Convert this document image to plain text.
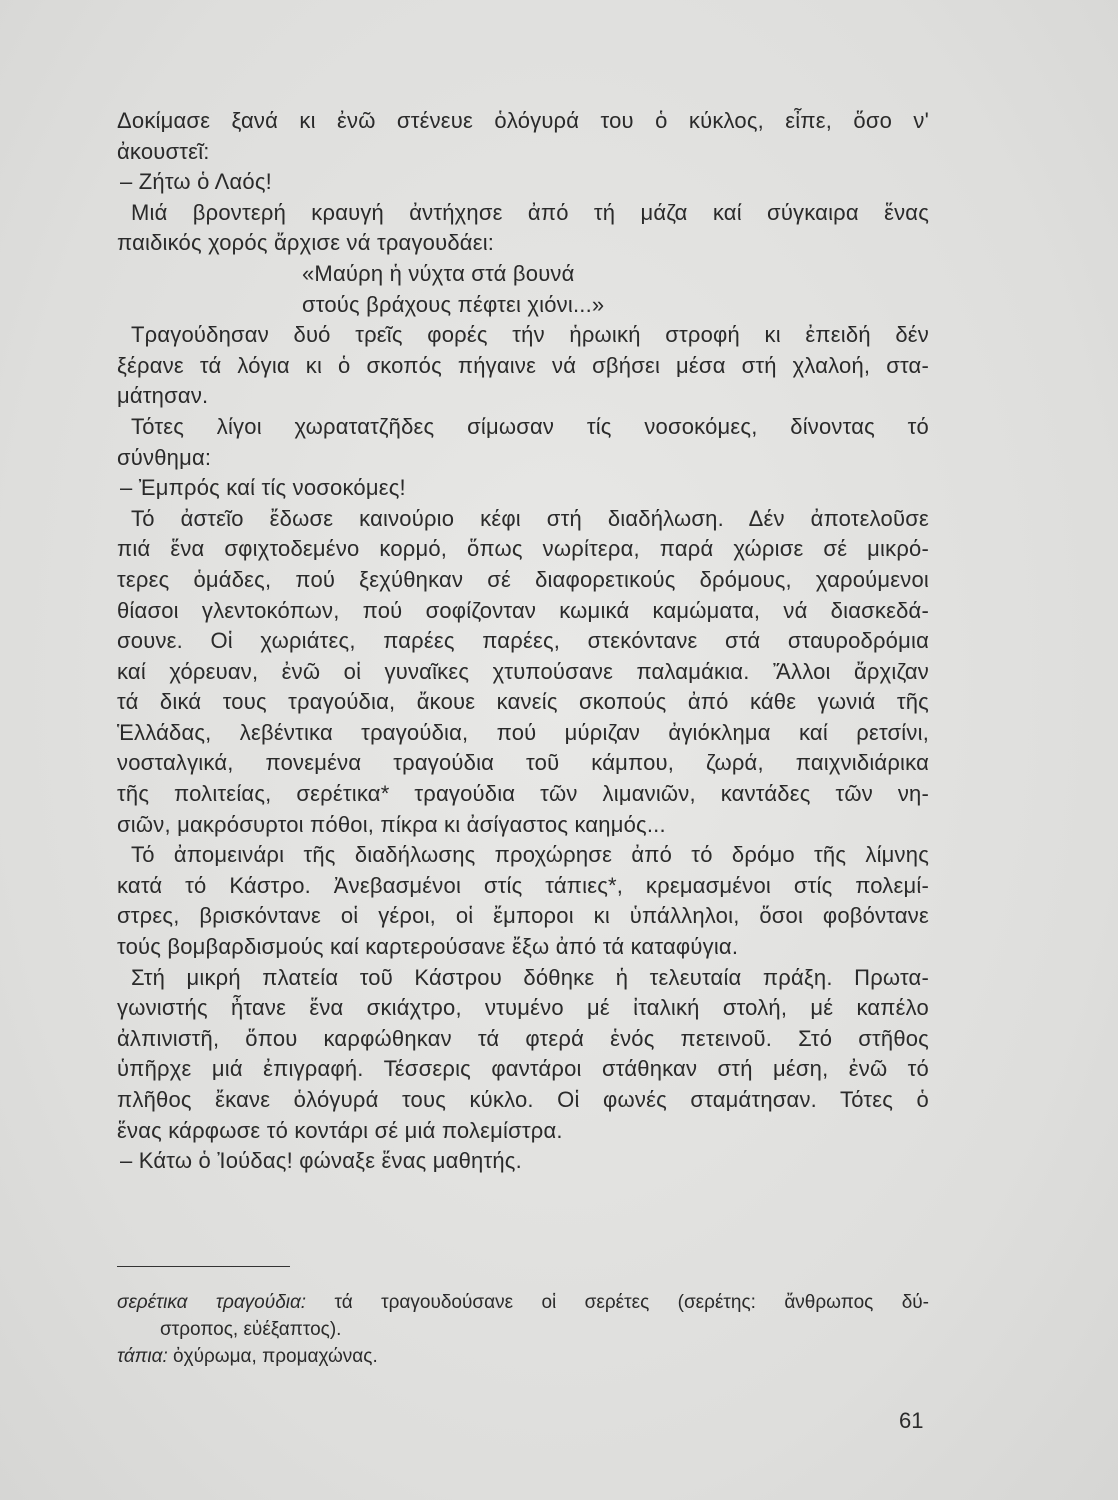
Δοκίμασε ξανά κι ἐνῶ στένευε ὁλόγυρά του ὁ κύκλος, εἶπε, ὅσο ν'
ἀκουστεῖ:
– Ζήτω ὁ Λαός!
Μιά βροντερή κραυγή ἀντήχησε ἀπό τή μάζα καί σύγκαιρα ἕνας
παιδικός χορός ἄρχισε νά τραγουδάει:
«Μαύρη ἡ νύχτα στά βουνά
στούς βράχους πέφτει χιόνι...»
Τραγούδησαν δυό τρεῖς φορές τήν ἡρωική στροφή κι ἐπειδή δέν
ξέρανε τά λόγια κι ὁ σκοπός πήγαινε νά σβήσει μέσα στή χλαλοή, στα-
μάτησαν.
Τότες λίγοι χωρατατζῆδες σίμωσαν τίς νοσοκόμες, δίνοντας τό
σύνθημα:
– Ἐμπρός καί τίς νοσοκόμες!
Τό ἀστεῖο ἔδωσε καινούριο κέφι στή διαδήλωση. Δέν ἀποτελοῦσε
πιά ἕνα σφιχτοδεμένο κορμό, ὅπως νωρίτερα, παρά χώρισε σέ μικρό-
τερες ὁμάδες, πού ξεχύθηκαν σέ διαφορετικούς δρόμους, χαρούμενοι
θίασοι γλεντοκόπων, πού σοφίζονταν κωμικά καμώματα, νά διασκεδά-
σουνε. Οἱ χωριάτες, παρέες παρέες, στεκόντανε στά σταυροδρόμια
καί χόρευαν, ἐνῶ οἱ γυναῖκες χτυπούσανε παλαμάκια. Ἄλλοι ἄρχιζαν
τά δικά τους τραγούδια, ἄκουε κανείς σκοπούς ἀπό κάθε γωνιά τῆς
Ἑλλάδας, λεβέντικα τραγούδια, πού μύριζαν ἀγιόκλημα καί ρετσίνι,
νοσταλγικά, πονεμένα τραγούδια τοῦ κάμπου, ζωρά, παιχνιδιάρικα
τῆς πολιτείας, σερέτικα* τραγούδια τῶν λιμανιῶν, καντάδες τῶν νη-
σιῶν, μακρόσυρτοι πόθοι, πίκρα κι ἀσίγαστος καημός...
Τό ἀπομεινάρι τῆς διαδήλωσης προχώρησε ἀπό τό δρόμο τῆς λίμνης
κατά τό Κάστρο. Ἀνεβασμένοι στίς τάπιες*, κρεμασμένοι στίς πολεμί-
στρες, βρισκόντανε οἱ γέροι, οἱ ἔμποροι κι ὑπάλληλοι, ὅσοι φοβόντανε
τούς βομβαρδισμούς καί καρτερούσανε ἔξω ἀπό τά καταφύγια.
Στή μικρή πλατεία τοῦ Κάστρου δόθηκε ἡ τελευταία πράξη. Πρωτα-
γωνιστής ἦτανε ἕνα σκιάχτρο, ντυμένο μέ ἰταλική στολή, μέ καπέλο
ἀλπινιστῆ, ὅπου καρφώθηκαν τά φτερά ἑνός πετεινοῦ. Στό στῆθος
ὑπῆρχε μιά ἐπιγραφή. Τέσσερις φαντάροι στάθηκαν στή μέση, ἐνῶ τό
πλῆθος ἔκανε ὁλόγυρά τους κύκλο. Οἱ φωνές σταμάτησαν. Τότες ὁ
ἕνας κάρφωσε τό κοντάρι σέ μιά πολεμίστρα.
– Κάτω ὁ Ἰούδας! φώναξε ἕνας μαθητής.
σερέτικα τραγούδια: τά τραγουδούσανε οἱ σερέτες (σερέτης: ἄνθρωπος δύ-
στροπος, εὐέξαπτος).
τάπια: ὀχύρωμα, προμαχώνας.
61
